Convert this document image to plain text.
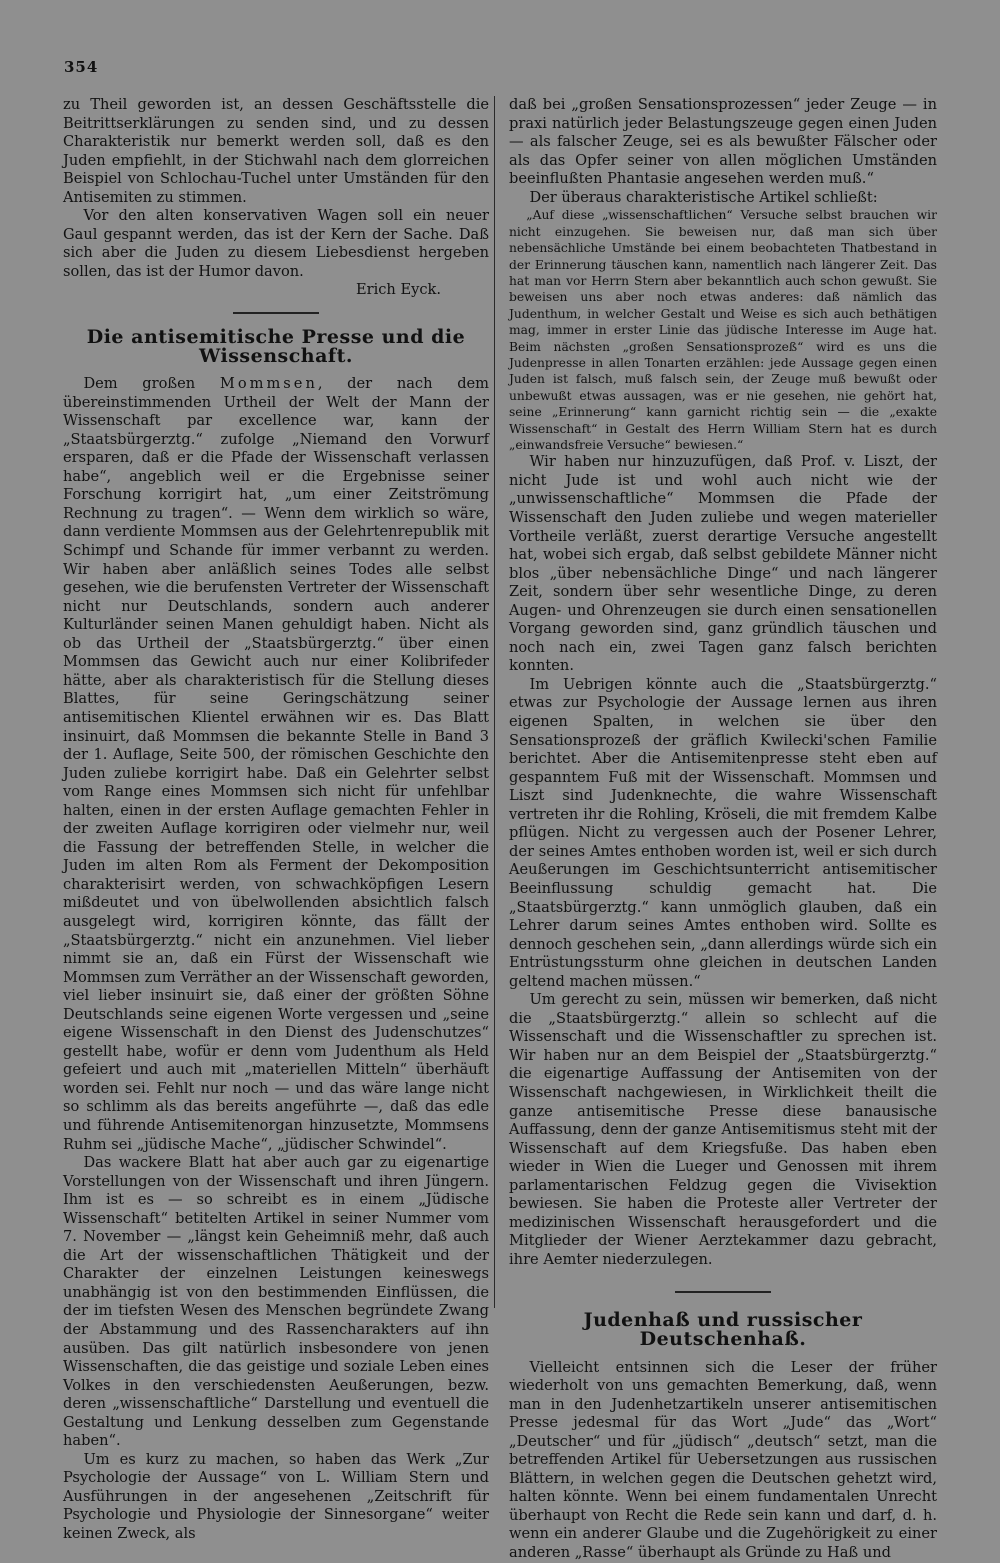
354

zu Theil geworden ist, an dessen Geschäftsstelle die Beitrittserklärungen zu senden sind, und zu dessen Charakteristik nur bemerkt werden soll, daß es den Juden empfiehlt, in der Stichwahl nach dem glorreichen Beispiel von Schlochau-Tuchel unter Umständen für den Antisemiten zu stimmen.

Vor den alten konservativen Wagen soll ein neuer Gaul gespannt werden, das ist der Kern der Sache. Daß sich aber die Juden zu diesem Liebesdienst hergeben sollen, das ist der Humor davon.

Erich Eyck.

Die antisemitische Presse und die Wissenschaft.

Dem großen Mommsen, der nach dem übereinstimmenden Urtheil der Welt der Mann der Wissenschaft par excellence war, kann der „Staatsbürgerztg.“ zufolge „Niemand den Vorwurf ersparen, daß er die Pfade der Wissenschaft verlassen habe“, angeblich weil er die Ergebnisse seiner Forschung korrigirt hat, „um einer Zeitströmung Rechnung zu tragen“. — Wenn dem wirklich so wäre, dann verdiente Mommsen aus der Gelehrtenrepublik mit Schimpf und Schande für immer verbannt zu werden. Wir haben aber anläßlich seines Todes alle selbst gesehen, wie die berufensten Vertreter der Wissenschaft nicht nur Deutschlands, sondern auch anderer Kulturländer seinen Manen gehuldigt haben. Nicht als ob das Urtheil der „Staatsbürgerztg.“ über einen Mommsen das Gewicht auch nur einer Kolibrifeder hätte, aber als charakteristisch für die Stellung dieses Blattes, für seine Geringschätzung seiner antisemitischen Klientel erwähnen wir es. Das Blatt insinuirt, daß Mommsen die bekannte Stelle in Band 3 der 1. Auflage, Seite 500, der römischen Geschichte den Juden zuliebe korrigirt habe. Daß ein Gelehrter selbst vom Range eines Mommsen sich nicht für unfehlbar halten, einen in der ersten Auflage gemachten Fehler in der zweiten Auflage korrigiren oder vielmehr nur, weil die Fassung der betreffenden Stelle, in welcher die Juden im alten Rom als Ferment der Dekomposition charakterisirt werden, von schwachköpfigen Lesern mißdeutet und von übelwollenden absichtlich falsch ausgelegt wird, korrigiren könnte, das fällt der „Staatsbürgerztg.“ nicht ein anzunehmen. Viel lieber nimmt sie an, daß ein Fürst der Wissenschaft wie Mommsen zum Verräther an der Wissenschaft geworden, viel lieber insinuirt sie, daß einer der größten Söhne Deutschlands seine eigenen Worte vergessen und „seine eigene Wissenschaft in den Dienst des Judenschutzes“ gestellt habe, wofür er denn vom Judenthum als Held gefeiert und auch mit „materiellen Mitteln“ überhäuft worden sei. Fehlt nur noch — und das wäre lange nicht so schlimm als das bereits angeführte —, daß das edle und führende Antisemitenorgan hinzusetzte, Mommsens Ruhm sei „jüdische Mache“, „jüdischer Schwindel“.

Das wackere Blatt hat aber auch gar zu eigenartige Vorstellungen von der Wissenschaft und ihren Jüngern. Ihm ist es — so schreibt es in einem „Jüdische Wissenschaft“ betitelten Artikel in seiner Nummer vom 7. November — „längst kein Geheimniß mehr, daß auch die Art der wissenschaftlichen Thätigkeit und der Charakter der einzelnen Leistungen keineswegs unabhängig ist von den bestimmenden Einflüssen, die der im tiefsten Wesen des Menschen begründete Zwang der Abstammung und des Rassencharakters auf ihn ausüben. Das gilt natürlich insbesondere von jenen Wissenschaften, die das geistige und soziale Leben eines Volkes in den verschiedensten Aeußerungen, bezw. deren „wissenschaftliche“ Darstellung und eventuell die Gestaltung und Lenkung desselben zum Gegenstande haben“.

Um es kurz zu machen, so haben das Werk „Zur Psychologie der Aussage“ von L. William Stern und Ausführungen in der angesehenen „Zeitschrift für Psychologie und Physiologie der Sinnesorgane“ weiter keinen Zweck, als

daß bei „großen Sensationsprozessen“ jeder Zeuge — in praxi natürlich jeder Belastungszeuge gegen einen Juden — als falscher Zeuge, sei es als bewußter Fälscher oder als das Opfer seiner von allen möglichen Umständen beeinflußten Phantasie angesehen werden muß.“

Der überaus charakteristische Artikel schließt:

„Auf diese „wissenschaftlichen“ Versuche selbst brauchen wir nicht einzugehen. Sie beweisen nur, daß man sich über nebensächliche Umstände bei einem beobachteten Thatbestand in der Erinnerung täuschen kann, namentlich nach längerer Zeit. Das hat man vor Herrn Stern aber bekanntlich auch schon gewußt. Sie beweisen uns aber noch etwas anderes: daß nämlich das Judenthum, in welcher Gestalt und Weise es sich auch bethätigen mag, immer in erster Linie das jüdische Interesse im Auge hat. Beim nächsten „großen Sensationsprozeß“ wird es uns die Judenpresse in allen Tonarten erzählen: jede Aussage gegen einen Juden ist falsch, muß falsch sein, der Zeuge muß bewußt oder unbewußt etwas aussagen, was er nie gesehen, nie gehört hat, seine „Erinnerung“ kann garnicht richtig sein — die „exakte Wissenschaft“ in Gestalt des Herrn William Stern hat es durch „einwandsfreie Versuche“ bewiesen.“

Wir haben nur hinzuzufügen, daß Prof. v. Liszt, der nicht Jude ist und wohl auch nicht wie der „unwissenschaftliche“ Mommsen die Pfade der Wissenschaft den Juden zuliebe und wegen materieller Vortheile verläßt, zuerst derartige Versuche angestellt hat, wobei sich ergab, daß selbst gebildete Männer nicht blos „über nebensächliche Dinge“ und nach längerer Zeit, sondern über sehr wesentliche Dinge, zu deren Augen- und Ohrenzeugen sie durch einen sensationellen Vorgang geworden sind, ganz gründlich täuschen und noch nach ein, zwei Tagen ganz falsch berichten konnten.

Im Uebrigen könnte auch die „Staatsbürgerztg.“ etwas zur Psychologie der Aussage lernen aus ihren eigenen Spalten, in welchen sie über den Sensationsprozeß der gräflich Kwilecki'schen Familie berichtet. Aber die Antisemitenpresse steht eben auf gespanntem Fuß mit der Wissenschaft. Mommsen und Liszt sind Judenknechte, die wahre Wissenschaft vertreten ihr die Rohling, Kröseli, die mit fremdem Kalbe pflügen. Nicht zu vergessen auch der Posener Lehrer, der seines Amtes enthoben worden ist, weil er sich durch Aeußerungen im Geschichtsunterricht antisemitischer Beeinflussung schuldig gemacht hat. Die „Staatsbürgerztg.“ kann unmöglich glauben, daß ein Lehrer darum seines Amtes enthoben wird. Sollte es dennoch geschehen sein, „dann allerdings würde sich ein Entrüstungssturm ohne gleichen in deutschen Landen geltend machen müssen.“

Um gerecht zu sein, müssen wir bemerken, daß nicht die „Staatsbürgerztg.“ allein so schlecht auf die Wissenschaft und die Wissenschaftler zu sprechen ist. Wir haben nur an dem Beispiel der „Staatsbürgerztg.“ die eigenartige Auffassung der Antisemiten von der Wissenschaft nachgewiesen, in Wirklichkeit theilt die ganze antisemitische Presse diese banausische Auffassung, denn der ganze Antisemitismus steht mit der Wissenschaft auf dem Kriegsfuße. Das haben eben wieder in Wien die Lueger und Genossen mit ihrem parlamentarischen Feldzug gegen die Vivisektion bewiesen. Sie haben die Proteste aller Vertreter der medizinischen Wissenschaft herausgefordert und die Mitglieder der Wiener Aerztekammer dazu gebracht, ihre Aemter niederzulegen.

Judenhaß und russischer Deutschenhaß.

Vielleicht entsinnen sich die Leser der früher wiederholt von uns gemachten Bemerkung, daß, wenn man in den Judenhetzartikeln unserer antisemitischen Presse jedesmal für das Wort „Jude“ das „Wort“ „Deutscher“ und für „jüdisch“ „deutsch“ setzt, man die betreffenden Artikel für Uebersetzungen aus russischen Blättern, in welchen gegen die Deutschen gehetzt wird, halten könnte. Wenn bei einem fundamentalen Unrecht überhaupt von Recht die Rede sein kann und darf, d. h. wenn ein anderer Glaube und die Zugehörigkeit zu einer anderen „Rasse“ überhaupt als Gründe zu Haß und
